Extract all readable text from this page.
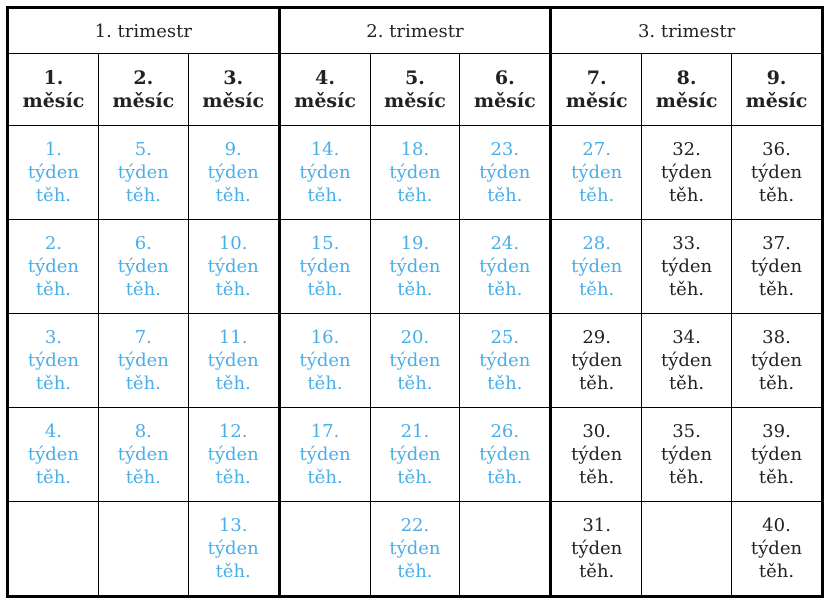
1. trimestr			2. trimestr			3. trimestr		

1.
měsíc	2.
měsíc	3.
měsíc	4.
měsíc	5.
měsíc	6.
měsíc	7.
měsíc	8.
měsíc	9.
měsíc

1.
týden
těh.	5.
týden
těh.	9.
týden
těh.	14.
týden
těh.	18.
týden
těh.	23.
týden
těh.	27.
týden
těh.	32.
týden
těh.	36.
týden
těh.

2.
týden
těh.	6.
týden
těh.	10.
týden
těh.	15.
týden
těh.	19.
týden
těh.	24.
týden
těh.	28.
týden
těh.	33.
týden
těh.	37.
týden
těh.

3.
týden
těh.	7.
týden
těh.	11.
týden
těh.	16.
týden
těh.	20.
týden
těh.	25.
týden
těh.	29.
týden
těh.	34.
týden
těh.	38.
týden
těh.

4.
týden
těh.	8.
týden
těh.	12.
týden
těh.	17.
týden
těh.	21.
týden
těh.	26.
týden
těh.	30.
týden
těh.	35.
týden
těh.	39.
týden
těh.

		13.
týden
těh.		22.
týden
těh.		31.
týden
těh.		40.
týden
těh.
